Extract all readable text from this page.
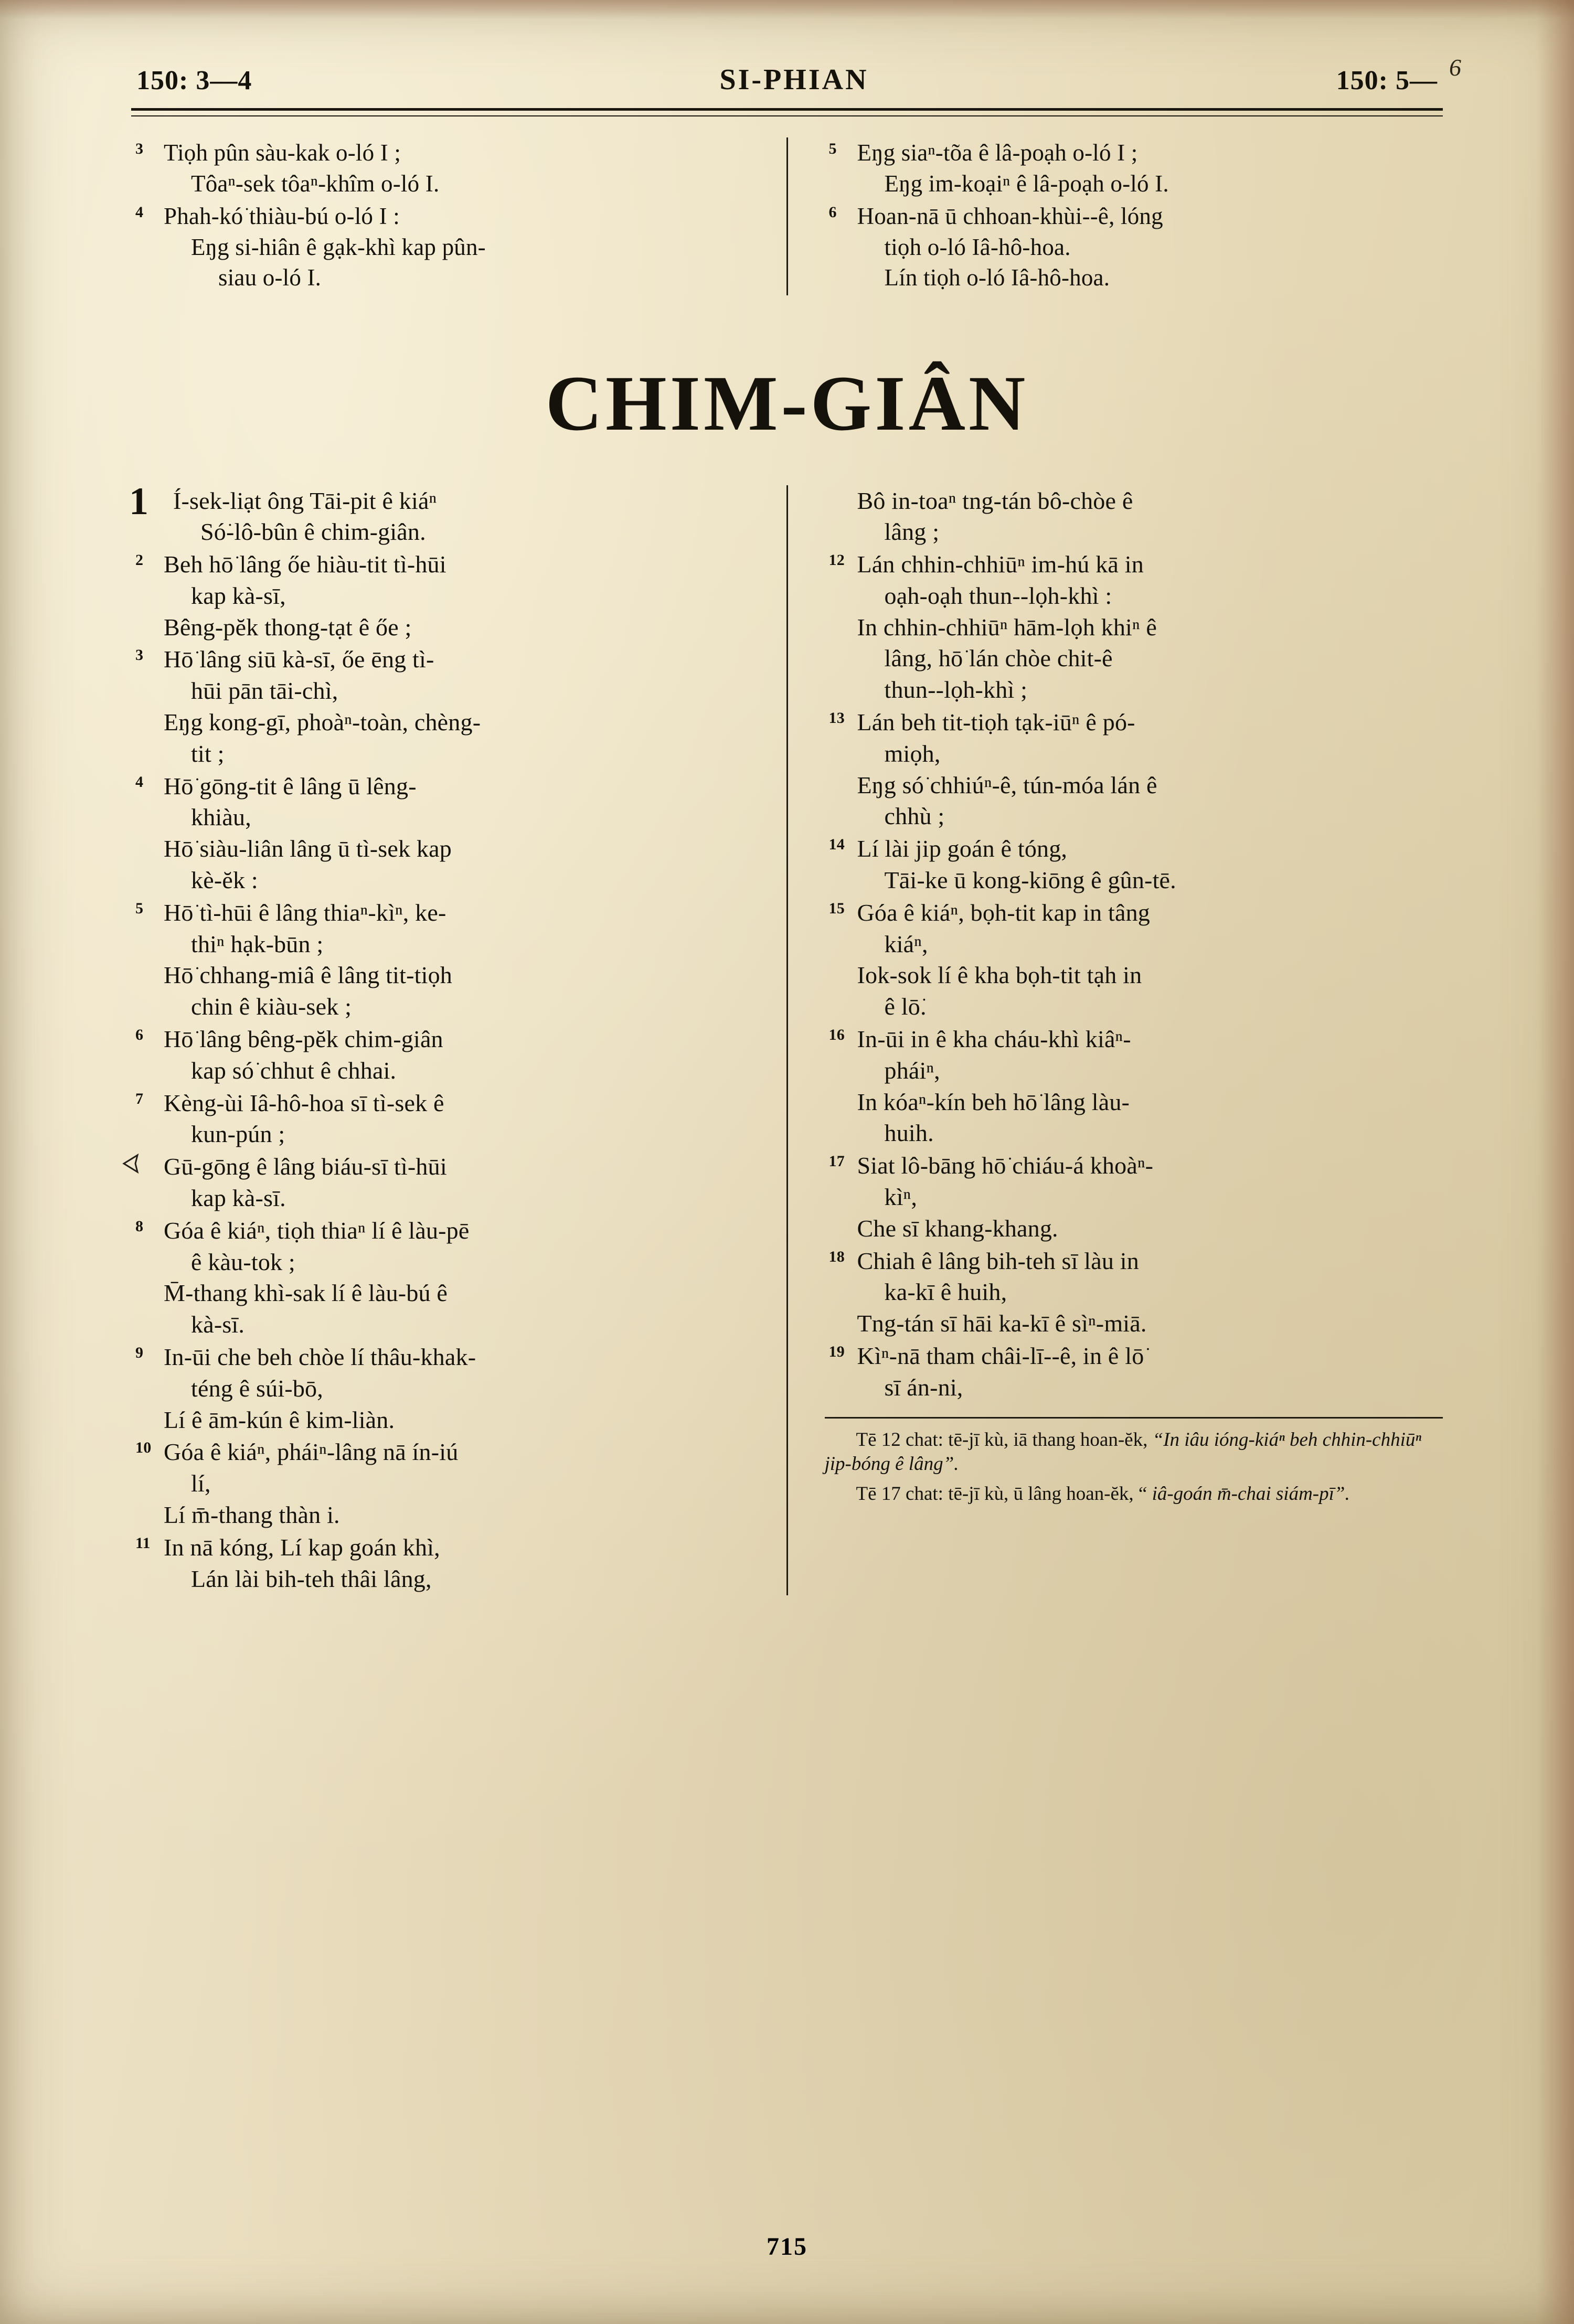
150: 3—4	SI-PHIAN	150: 5— 6
3 Tiọh pûn sàu-kak o-ló I ;
Tôaⁿ-sek tôaⁿ-khîm o-ló I.
4 Phah-kó͘ thiàu-bú o-ló I :
Eŋg si-hiân ê gạk-khì kap pûn-
siau o-ló I.
5 Eŋg siaⁿ-tõa ê lâ-poạh o-ló I ;
Eŋg im-koạiⁿ ê lâ-poạh o-ló I.
6 Hoan-nā ū chhoan-khùi--ê, lóng
tiọh o-ló Iâ-hô-hoa.
Lín tiọh o-ló Iâ-hô-hoa.
CHIM-GIÂN
1 Í-sek-liạt ông Tāi-pit ê kiáⁿ
Só͘-lô-bûn ê chim-giân.
2 Beh hō͘ lâng őe hiàu-tit tì-hūi
kap kà-sī,
Bêng-pĕk thong-tạt ê őe ;
3 Hō͘ lâng siū kà-sī, őe ēng tì-
hūi pān tāi-chì,
Eŋg kong-gī, phoàⁿ-toàn, chèng-
tit ;
4 Hō͘ gōng-tit ê lâng ū lêng-
khiàu,
Hō͘ siàu-liân lâng ū tì-sek kap
kè-ĕk :
5 Hō͘ tì-hūi ê lâng thiaⁿ-kìⁿ, ke-
thiⁿ hạk-būn ;
Hō͘ chhang-miâ ê lâng tit-tiọh
chin ê kiàu-sek ;
6 Hō͘ lâng bêng-pĕk chim-giân
kap só͘ chhut ê chhai.
7 Kèng-ùi Iâ-hô-hoa sī tì-sek ê
kun-pún ;
Gū-gōng ê lâng biáu-sī tì-hūi
kap kà-sī.
8 Góa ê kiáⁿ, tiọh thiaⁿ lí ê làu-pē
ê kàu-tok ;
M̄-thang khì-sak lí ê làu-bú ê
kà-sī.
9 In-ūi che beh chòe lí thâu-khak-
téng ê súi-bō,
Lí ê ām-kún ê kim-liàn.
10 Góa ê kiáⁿ, pháiⁿ-lâng nā ín-iú
lí,
Lí m̄-thang thàn i.
11 In nā kóng, Lí kap goán khì,
Lán lài bih-teh thâi lâng,
Bô in-toaⁿ tng-tán bô-chòe ê
lâng ;
12 Lán chhin-chhiūⁿ im-hú kā in
oạh-oạh thun--lọh-khì :
In chhin-chhiūⁿ hām-lọh khiⁿ ê
lâng, hō͘ lán chòe chit-ê
thun--lọh-khì ;
13 Lán beh tit-tiọh tạk-iūⁿ ê pó-
miọh,
Eŋg só͘ chhiúⁿ-ê, tún-móa lán ê
chhù ;
14 Lí lài jip goán ê tóng,
Tāi-ke ū kong-kiōng ê gûn-tē.
15 Góa ê kiáⁿ, bọh-tit kap in tâng
kiáⁿ,
Iok-sok lí ê kha bọh-tit tạh in
ê lō͘.
16 In-ūi in ê kha cháu-khì kiâⁿ-
pháiⁿ,
In kóaⁿ-kín beh hō͘ lâng làu-
huih.
17 Siat lô-bāng hō͘ chiáu-á khoàⁿ-
kìⁿ,
Che sī khang-khang.
18 Chiah ê lâng bih-teh sī làu in
ka-kī ê huih,
Tng-tán sī hāi ka-kī ê sìⁿ-miā.
19 Kìⁿ-nā tham châi-lī--ê, in ê lō͘
sī án-ni,
Tē 12 chat: tē-jī kù, iā thang hoan-ĕk, “In iâu ióng-kiáⁿ beh chhin-chhiūⁿ jip-bóng ê lâng”.
Tē 17 chat: tē-jī kù, ū lâng hoan-ĕk, “ iâ-goán m̄-chai siám-pī”.
715
